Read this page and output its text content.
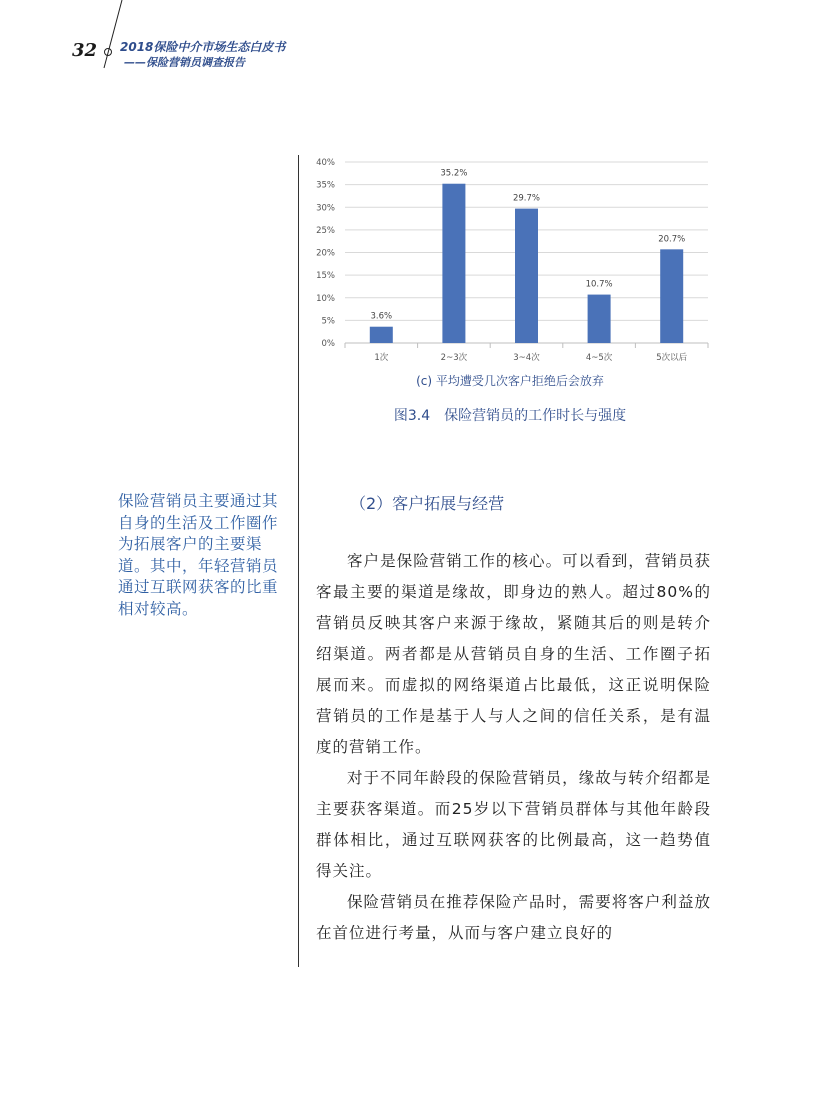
32 2018保险中介市场生态白皮书
——保险营销员调查报告
0%
5%
10%
15%
20%
25%
30%
35%
40%
3.6%
1次
35.2%
2~3次
29.7%
3~4次
10.7%
4~5次
20.7%
5次以后
(c) 平均遭受几次客户拒绝后会放弃
图3.4　保险营销员的工作时长与强度
保险营销员主要通过其自身的生活及工作圈作为拓展客户的主要渠道。其中，年轻营销员通过互联网获客的比重相对较高。
（2）客户拓展与经营

客户是保险营销工作的核心。可以看到，营销员获客最主要的渠道是缘故，即身边的熟人。超过80%的营销员反映其客户来源于缘故，紧随其后的则是转介绍渠道。两者都是从营销员自身的生活、工作圈子拓展而来。而虚拟的网络渠道占比最低，这正说明保险营销员的工作是基于人与人之间的信任关系，是有温度的营销工作。

对于不同年龄段的保险营销员，缘故与转介绍都是主要获客渠道。而25岁以下营销员群体与其他年龄段群体相比，通过互联网获客的比例最高，这一趋势值得关注。

保险营销员在推荐保险产品时，需要将客户利益放在首位进行考量，从而与客户建立良好的
